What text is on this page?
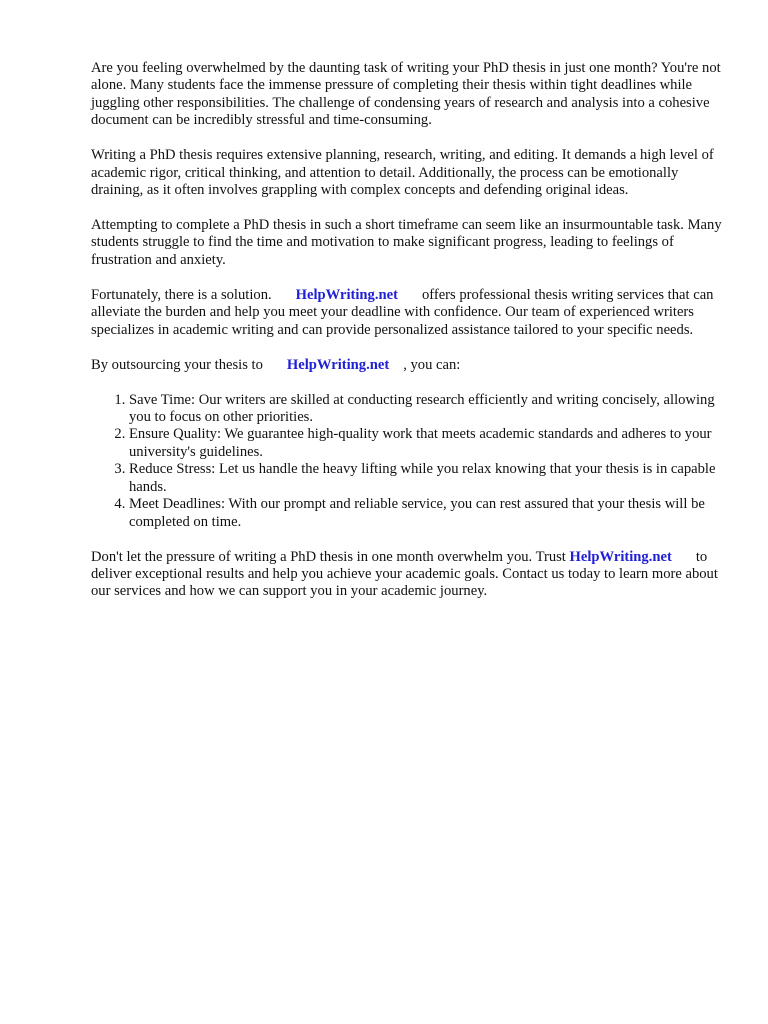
Are you feeling overwhelmed by the daunting task of writing your PhD thesis in just one month? You're not alone. Many students face the immense pressure of completing their thesis within tight deadlines while juggling other responsibilities. The challenge of condensing years of research and analysis into a cohesive document can be incredibly stressful and time-consuming.

Writing a PhD thesis requires extensive planning, research, writing, and editing. It demands a high level of academic rigor, critical thinking, and attention to detail. Additionally, the process can be emotionally draining, as it often involves grappling with complex concepts and defending original ideas.

Attempting to complete a PhD thesis in such a short timeframe can seem like an insurmountable task. Many students struggle to find the time and motivation to make significant progress, leading to feelings of frustration and anxiety.

Fortunately, there is a solution. HelpWriting.net offers professional thesis writing services that can alleviate the burden and help you meet your deadline with confidence. Our team of experienced writers specializes in academic writing and can provide personalized assistance tailored to your specific needs.

By outsourcing your thesis to HelpWriting.net , you can:

1. Save Time: Our writers are skilled at conducting research efficiently and writing concisely, allowing you to focus on other priorities.
2. Ensure Quality: We guarantee high-quality work that meets academic standards and adheres to your university's guidelines.
3. Reduce Stress: Let us handle the heavy lifting while you relax knowing that your thesis is in capable hands.
4. Meet Deadlines: With our prompt and reliable service, you can rest assured that your thesis will be completed on time.

Don't let the pressure of writing a PhD thesis in one month overwhelm you. Trust HelpWriting.net to deliver exceptional results and help you achieve your academic goals. Contact us today to learn more about our services and how we can support you in your academic journey.
